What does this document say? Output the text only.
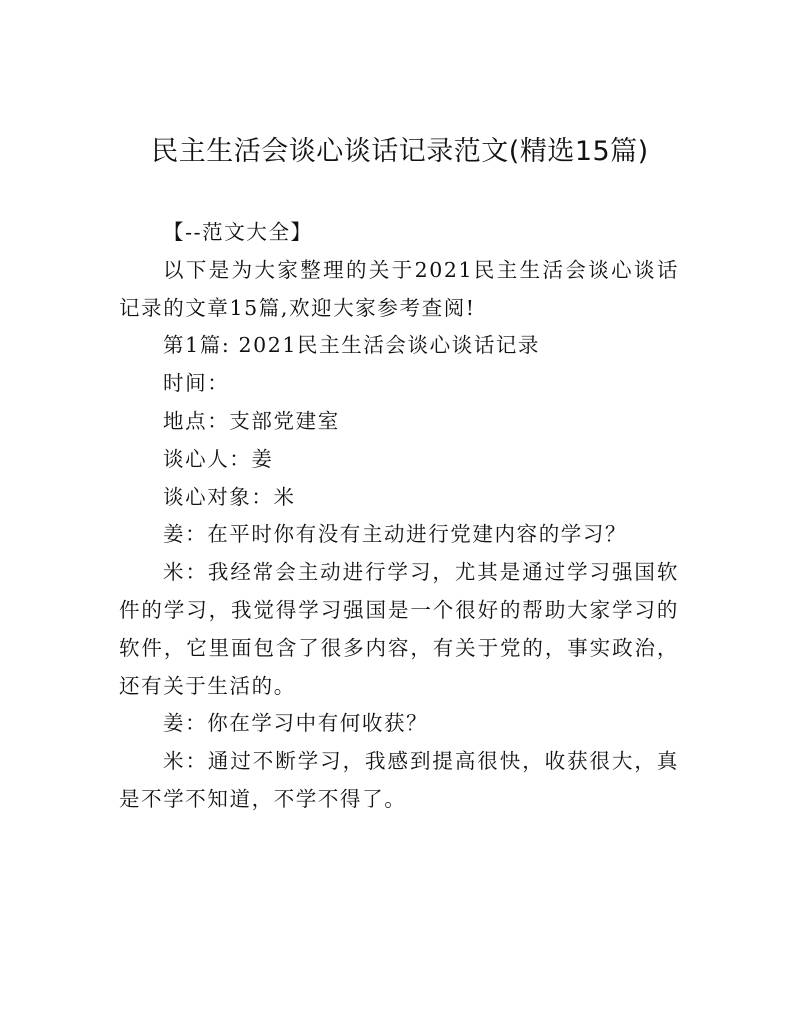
民主生活会谈心谈话记录范文(精选15篇)

【--范文大全】

以下是为大家整理的关于2021民主生活会谈心谈话记录的文章15篇,欢迎大家参考查阅!

第1篇: 2021民主生活会谈心谈话记录

时间：

地点：支部党建室

谈心人：姜

谈心对象：米

姜：在平时你有没有主动进行党建内容的学习？

米：我经常会主动进行学习，尤其是通过学习强国软件的学习，我觉得学习强国是一个很好的帮助大家学习的软件，它里面包含了很多内容，有关于党的，事实政治，还有关于生活的。

姜：你在学习中有何收获？

米：通过不断学习，我感到提高很快，收获很大，真是不学不知道，不学不得了。
